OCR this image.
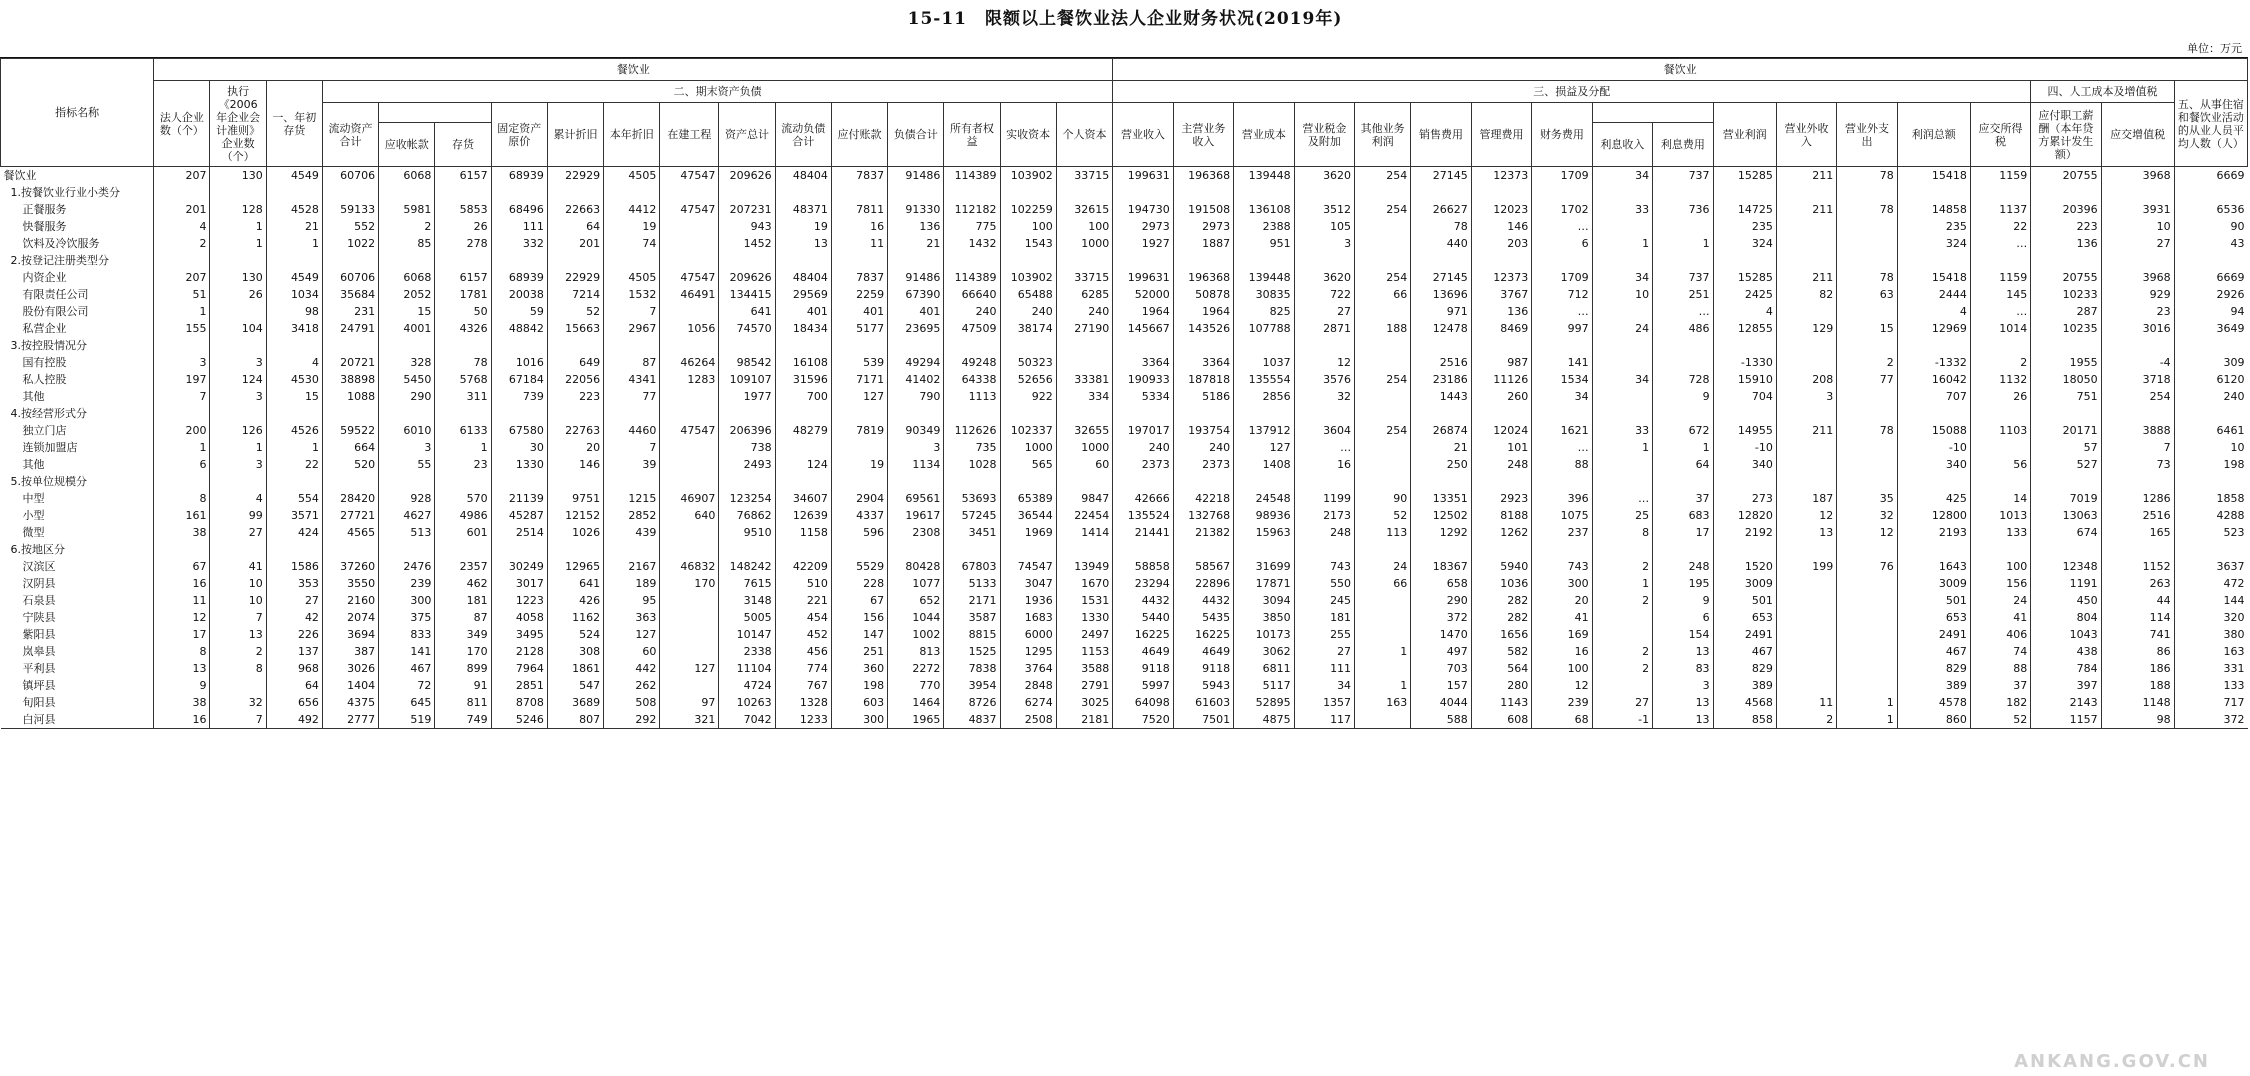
15-11　限额以上餐饮业法人企业财务状况(2019年)
单位：万元
指标名称	餐饮业																	餐饮业																	
	法人企业数（个）	执行《2006年企业会计准则》企业数（个）	一、年初存货	二、期末资产负债														三、损益及分配															四、人工成本及增值税		五、从事住宿和餐饮业活动的从业人员平均人数（人）
				流动资产合计			固定资产原价	累计折旧	本年折旧	在建工程	资产总计	流动负债合计	应付账款	负债合计	所有者权益	实收资本	个人资本	营业收入	主营业务收入	营业成本	营业税金及附加	其他业务利润	销售费用	管理费用	财务费用			营业利润	营业外收入	营业外支出	利润总额	应交所得税	应付职工薪酬（本年贷方累计发生额）	应交增值税	
					应收帐款	存货																				利息收入	利息费用								
餐饮业	207	130	4549	60706	6068	6157	68939	22929	4505	47547	209626	48404	7837	91486	114389	103902	33715	199631	196368	139448	3620	254	27145	12373	1709	34	737	15285	211	78	15418	1159	20755	3968	6669
1.按餐饮业行业小类分																																			
正餐服务	201	128	4528	59133	5981	5853	68496	22663	4412	47547	207231	48371	7811	91330	112182	102259	32615	194730	191508	136108	3512	254	26627	12023	1702	33	736	14725	211	78	14858	1137	20396	3931	6536
快餐服务	4	1	21	552	2	26	111	64	19		943	19	16	136	775	100	100	2973	2973	2388	105		78	146	…			235			235	22	223	10	90
饮料及冷饮服务	2	1	1	1022	85	278	332	201	74		1452	13	11	21	1432	1543	1000	1927	1887	951	3		440	203	6	1	1	324			324	…	136	27	43
2.按登记注册类型分																																			
内资企业	207	130	4549	60706	6068	6157	68939	22929	4505	47547	209626	48404	7837	91486	114389	103902	33715	199631	196368	139448	3620	254	27145	12373	1709	34	737	15285	211	78	15418	1159	20755	3968	6669
有限责任公司	51	26	1034	35684	2052	1781	20038	7214	1532	46491	134415	29569	2259	67390	66640	65488	6285	52000	50878	30835	722	66	13696	3767	712	10	251	2425	82	63	2444	145	10233	929	2926
股份有限公司	1		98	231	15	50	59	52	7		641	401	401	401	240	240	240	1964	1964	825	27		971	136	…		…	4			4	…	287	23	94
私营企业	155	104	3418	24791	4001	4326	48842	15663	2967	1056	74570	18434	5177	23695	47509	38174	27190	145667	143526	107788	2871	188	12478	8469	997	24	486	12855	129	15	12969	1014	10235	3016	3649
3.按控股情况分																																			
国有控股	3	3	4	20721	328	78	1016	649	87	46264	98542	16108	539	49294	49248	50323		3364	3364	1037	12		2516	987	141			-1330		2	-1332	2	1955	-4	309
私人控股	197	124	4530	38898	5450	5768	67184	22056	4341	1283	109107	31596	7171	41402	64338	52656	33381	190933	187818	135554	3576	254	23186	11126	1534	34	728	15910	208	77	16042	1132	18050	3718	6120
其他	7	3	15	1088	290	311	739	223	77		1977	700	127	790	1113	922	334	5334	5186	2856	32		1443	260	34		9	704	3		707	26	751	254	240
4.按经营形式分																																			
独立门店	200	126	4526	59522	6010	6133	67580	22763	4460	47547	206396	48279	7819	90349	112626	102337	32655	197017	193754	137912	3604	254	26874	12024	1621	33	672	14955	211	78	15088	1103	20171	3888	6461
连锁加盟店	1	1	1	664	3	1	30	20	7		738			3	735	1000	1000	240	240	127	…		21	101	…	1	1	-10			-10		57	7	10
其他	6	3	22	520	55	23	1330	146	39		2493	124	19	1134	1028	565	60	2373	2373	1408	16		250	248	88		64	340			340	56	527	73	198
5.按单位规模分																																			
中型	8	4	554	28420	928	570	21139	9751	1215	46907	123254	34607	2904	69561	53693	65389	9847	42666	42218	24548	1199	90	13351	2923	396	…	37	273	187	35	425	14	7019	1286	1858
小型	161	99	3571	27721	4627	4986	45287	12152	2852	640	76862	12639	4337	19617	57245	36544	22454	135524	132768	98936	2173	52	12502	8188	1075	25	683	12820	12	32	12800	1013	13063	2516	4288
微型	38	27	424	4565	513	601	2514	1026	439		9510	1158	596	2308	3451	1969	1414	21441	21382	15963	248	113	1292	1262	237	8	17	2192	13	12	2193	133	674	165	523
6.按地区分																																			
汉滨区	67	41	1586	37260	2476	2357	30249	12965	2167	46832	148242	42209	5529	80428	67803	74547	13949	58858	58567	31699	743	24	18367	5940	743	2	248	1520	199	76	1643	100	12348	1152	3637
汉阴县	16	10	353	3550	239	462	3017	641	189	170	7615	510	228	1077	5133	3047	1670	23294	22896	17871	550	66	658	1036	300	1	195	3009			3009	156	1191	263	472
石泉县	11	10	27	2160	300	181	1223	426	95		3148	221	67	652	2171	1936	1531	4432	4432	3094	245		290	282	20	2	9	501			501	24	450	44	144
宁陕县	12	7	42	2074	375	87	4058	1162	363		5005	454	156	1044	3587	1683	1330	5440	5435	3850	181		372	282	41		6	653			653	41	804	114	320
紫阳县	17	13	226	3694	833	349	3495	524	127		10147	452	147	1002	8815	6000	2497	16225	16225	10173	255		1470	1656	169		154	2491			2491	406	1043	741	380
岚皋县	8	2	137	387	141	170	2128	308	60		2338	456	251	813	1525	1295	1153	4649	4649	3062	27	1	497	582	16	2	13	467			467	74	438	86	163
平利县	13	8	968	3026	467	899	7964	1861	442	127	11104	774	360	2272	7838	3764	3588	9118	9118	6811	111		703	564	100	2	83	829			829	88	784	186	331
镇坪县	9		64	1404	72	91	2851	547	262		4724	767	198	770	3954	2848	2791	5997	5943	5117	34	1	157	280	12		3	389			389	37	397	188	133
旬阳县	38	32	656	4375	645	811	8708	3689	508	97	10263	1328	603	1464	8726	6274	3025	64098	61603	52895	1357	163	4044	1143	239	27	13	4568	11	1	4578	182	2143	1148	717
白河县	16	7	492	2777	519	749	5246	807	292	321	7042	1233	300	1965	4837	2508	2181	7520	7501	4875	117		588	608	68	-1	13	858	2	1	860	52	1157	98	372
ANKANG.GOV.CN
